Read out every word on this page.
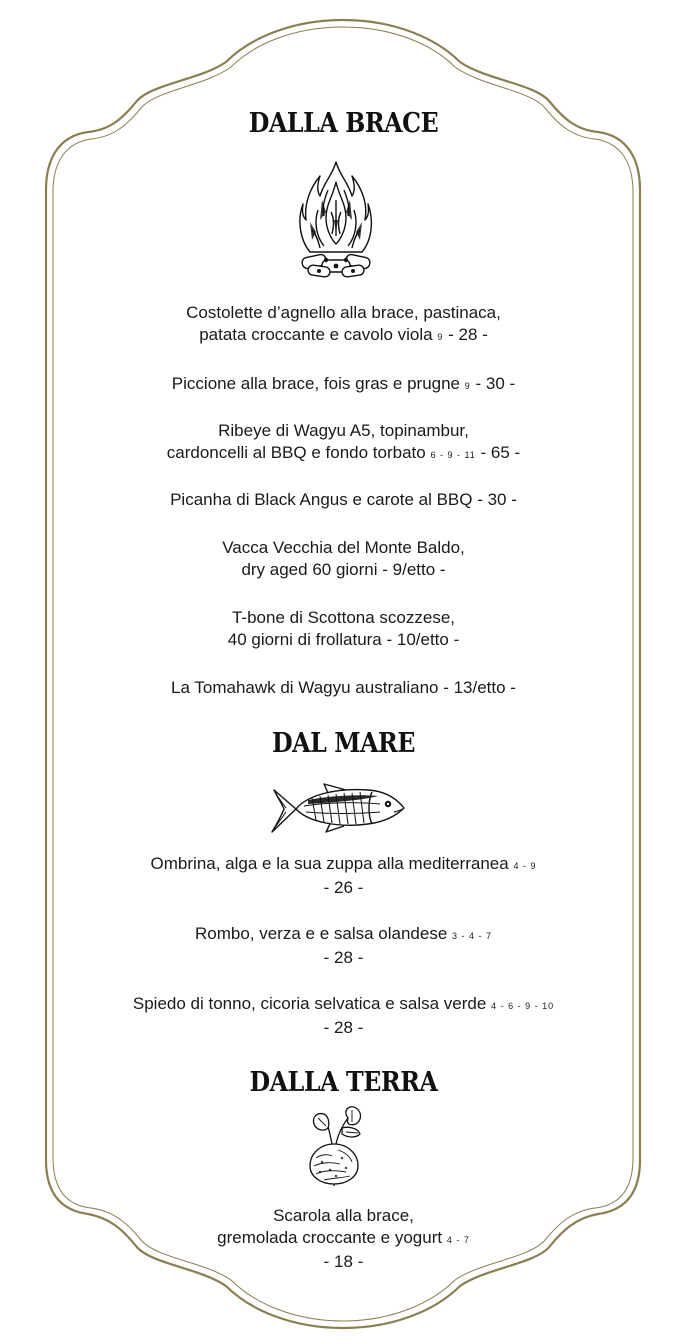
DALLA BRACE
Costolette d’agnello alla brace, pastinaca,
patata croccante e cavolo viola 9 - 28 -
Piccione alla brace, fois gras e prugne 9 - 30 -
Ribeye di Wagyu A5, topinambur,
cardoncelli al BBQ e fondo torbato 6 - 9 - 11 - 65 -
Picanha di Black Angus e carote al BBQ - 30 -
Vacca Vecchia del Monte Baldo,
dry aged 60 giorni - 9/etto -
T-bone di Scottona scozzese,
40 giorni di frollatura - 10/etto -
La Tomahawk di Wagyu australiano - 13/etto -
DAL MARE
Ombrina, alga e la sua zuppa alla mediterranea 4 - 9
- 26 -
Rombo, verza e e salsa olandese 3 - 4 - 7
- 28 -
Spiedo di tonno, cicoria selvatica e salsa verde 4 - 6 - 9 - 10
- 28 -
DALLA TERRA
Scarola alla brace,
gremolada croccante e yogurt 4 - 7
- 18 -
